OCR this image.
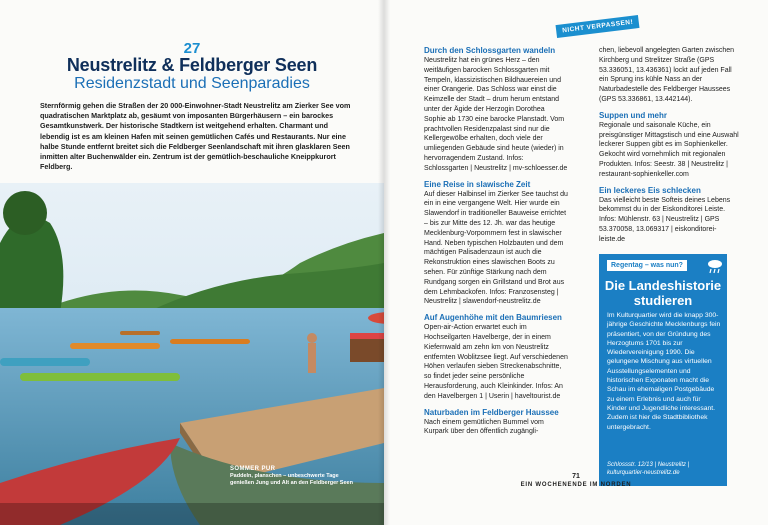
27
Neustrelitz & Feldberger Seen
Residenzstadt und Seenparadies
Sternförmig gehen die Straßen der 20 000-Einwohner-Stadt Neustrelitz am Zierker See vom quadratischen Marktplatz ab, gesäumt von imposanten Bürgerhäusern – ein barockes Gesamtkunstwerk. Der historische Stadtkern ist weitgehend erhalten. Charmant und lebendig ist es am kleinen Hafen mit seinen gemütlichen Cafés und Restaurants. Nur eine halbe Stunde entfernt breitet sich die Feldberger Seenlandschaft mit ihren glasklaren Seen inmitten alter Buchenwälder ein. Zentrum ist der gemütlich-beschauliche Kneippkurort Feldberg.
SOMMER PUR
Paddeln, planschen – unbeschwerte Tage genießen Jung und Alt an den Feldberger Seen
NICHT VERPASSEN!
Durch den Schlossgarten wandeln

Neustrelitz hat ein grünes Herz – den weitläufigen barocken Schlossgarten mit Tempeln, klassizistischen Bildhauereien und einer Orangerie. Das Schloss war einst die Keimzelle der Stadt – drum herum entstand unter der Ägide der Herzogin Dorothea Sophie ab 1730 eine barocke Planstadt. Vom prachtvollen Residenzpalast sind nur die Kellergewölbe erhalten, doch viele der umliegenden Gebäude sind heute (wieder) in hervorragendem Zustand. Infos: Schlossgarten | Neustrelitz | mv-schloesser.de

Eine Reise in slawische Zeit

Auf dieser Halbinsel im Zierker See tauchst du ein in eine vergangene Welt. Hier wurde ein Slawendorf in traditioneller Bauweise errichtet – bis zur Mitte des 12. Jh. war das heutige Mecklenburg-Vorpommern fest in slawischer Hand. Neben typischen Holzbauten und dem mächtigen Palisadenzaun ist auch die Rekonstruktion eines slawischen Boots zu sehen. Für zünftige Stärkung nach dem Rundgang sorgen ein Grillstand und Brot aus dem Lehmbackofen. Infos: Franzosensteg | Neustrelitz | slawendorf-neustrelitz.de

Auf Augenhöhe mit den Baumriesen

Open-air-Action erwartet euch im Hochseilgarten Havelberge, der in einem Kiefernwald am zehn km von Neustrelitz entfernten Woblitzsee liegt. Auf verschiedenen Höhen verlaufen sieben Streckenabschnitte, so findet jeder seine persönliche Herausforderung, auch Kleinkinder. Infos: An den Havelbergen 1 | Userin | haveltourist.de

Naturbaden im Feldberger Haussee

Nach einem gemütlichen Bummel vom Kurpark über den öffentlich zugängli-

chen, liebevoll angelegten Garten zwischen Kirchberg und Strelitzer Straße (GPS 53.336051, 13.436361) lockt auf jeden Fall ein Sprung ins kühle Nass an der Naturbadestelle des Feldberger Haussees (GPS 53.336861, 13.442144).

Suppen und mehr

Regionale und saisonale Küche, ein preisgünstiger Mittagstisch und eine Auswahl leckerer Suppen gibt es im Sophienkeller. Gekocht wird vornehmlich mit regionalen Produkten. Infos: Seestr. 38 | Neustrelitz | restaurant-sophienkeller.com

Ein leckeres Eis schlecken

Das vielleicht beste Softeis deines Lebens bekommst du in der Eiskonditorei Leiste. Infos: Mühlenstr. 63 | Neustrelitz | GPS 53.370058, 13.069317 | eiskonditorei-leiste.de

Regentag – was nun?
Die Landeshistorie studieren
Im Kulturquartier wird die knapp 300-jährige Geschichte Mecklenburgs fein präsentiert, von der Gründung des Herzogtums 1701 bis zur Wiedervereinigung 1990. Die gelungene Mischung aus virtuellen Ausstellungselementen und historischen Exponaten macht die Schau im ehemaligen Postgebäude zu einem Erlebnis und auch für Kinder und Jugendliche interessant. Zudem ist hier die Stadtbibliothek untergebracht.
Schlossstr. 12/13 | Neustrelitz | kulturquartier-neustrelitz.de
71
EIN WOCHENENDE IM NORDEN
